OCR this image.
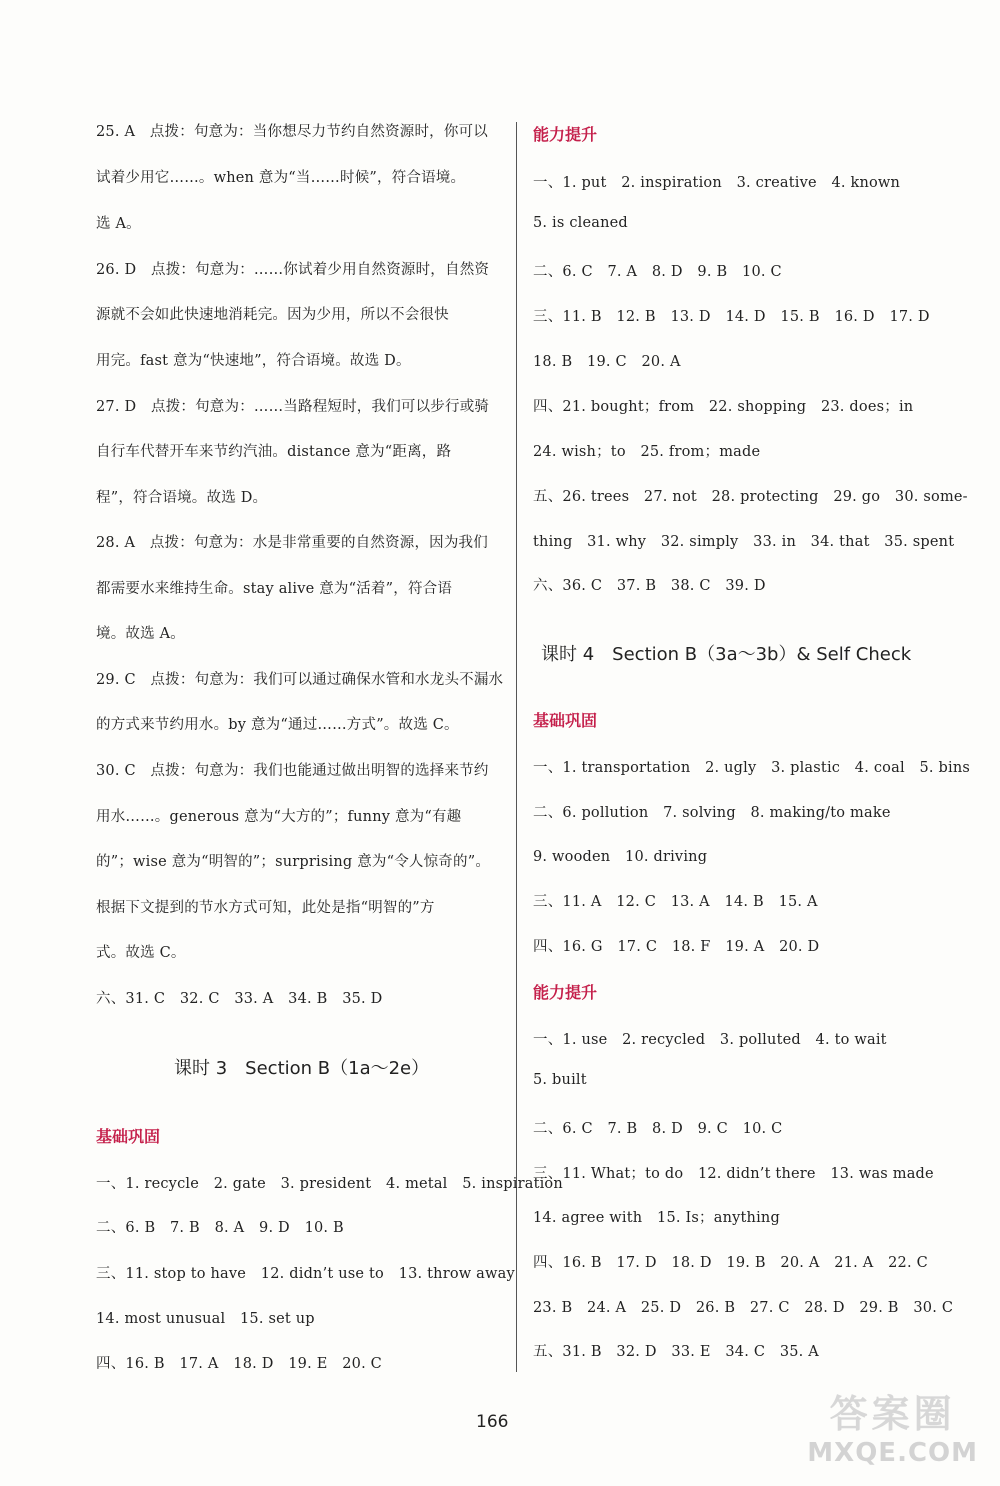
25. A　点拨：句意为：当你想尽力节约自然资源时，你可以
试着少用它……。when 意为“当……时候”，符合语境。
选 A。
26. D　点拨：句意为：……你试着少用自然资源时，自然资
源就不会如此快速地消耗完。因为少用，所以不会很快
用完。fast 意为“快速地”，符合语境。故选 D。
27. D　点拨：句意为：……当路程短时，我们可以步行或骑
自行车代替开车来节约汽油。distance 意为“距离，路
程”，符合语境。故选 D。
28. A　点拨：句意为：水是非常重要的自然资源，因为我们
都需要水来维持生命。stay alive 意为“活着”，符合语
境。故选 A。
29. C　点拨：句意为：我们可以通过确保水管和水龙头不漏水
的方式来节约用水。by 意为“通过……方式”。故选 C。
30. C　点拨：句意为：我们也能通过做出明智的选择来节约
用水……。generous 意为“大方的”；funny 意为“有趣
的”；wise 意为“明智的”；surprising 意为“令人惊奇的”。
根据下文提到的节水方式可知，此处是指“明智的”方
式。故选 C。
六、31. C　32. C　33. A　34. B　35. D
课时 3　Section B（1a～2e）
基础巩固
一、1. recycle　2. gate　3. president　4. metal　5. inspiration
二、6. B　7. B　8. A　9. D　10. B
三、11. stop to have　12. didn’t use to　13. throw away
14. most unusual　15. set up
四、16. B　17. A　18. D　19. E　20. C
能力提升
一、1. put　2. inspiration　3. creative　4. known
5. is cleaned
二、6. C　7. A　8. D　9. B　10. C
三、11. B　12. B　13. D　14. D　15. B　16. D　17. D
18. B　19. C　20. A
四、21. bought；from　22. shopping　23. does；in
24. wish；to　25. from；made
五、26. trees　27. not　28. protecting　29. go　30. some-
thing　31. why　32. simply　33. in　34. that　35. spent
六、36. C　37. B　38. C　39. D
课时 4　Section B（3a～3b）& Self Check
基础巩固
一、1. transportation　2. ugly　3. plastic　4. coal　5. bins
二、6. pollution　7. solving　8. making/to make
9. wooden　10. driving
三、11. A　12. C　13. A　14. B　15. A
四、16. G　17. C　18. F　19. A　20. D
能力提升
一、1. use　2. recycled　3. polluted　4. to wait
5. built
二、6. C　7. B　8. D　9. C　10. C
三、11. What；to do　12. didn’t there　13. was made
14. agree with　15. Is；anything
四、16. B　17. D　18. D　19. B　20. A　21. A　22. C
23. B　24. A　25. D　26. B　27. C　28. D　29. B　30. C
五、31. B　32. D　33. E　34. C　35. A
166	答案圈
MXQE.COM
